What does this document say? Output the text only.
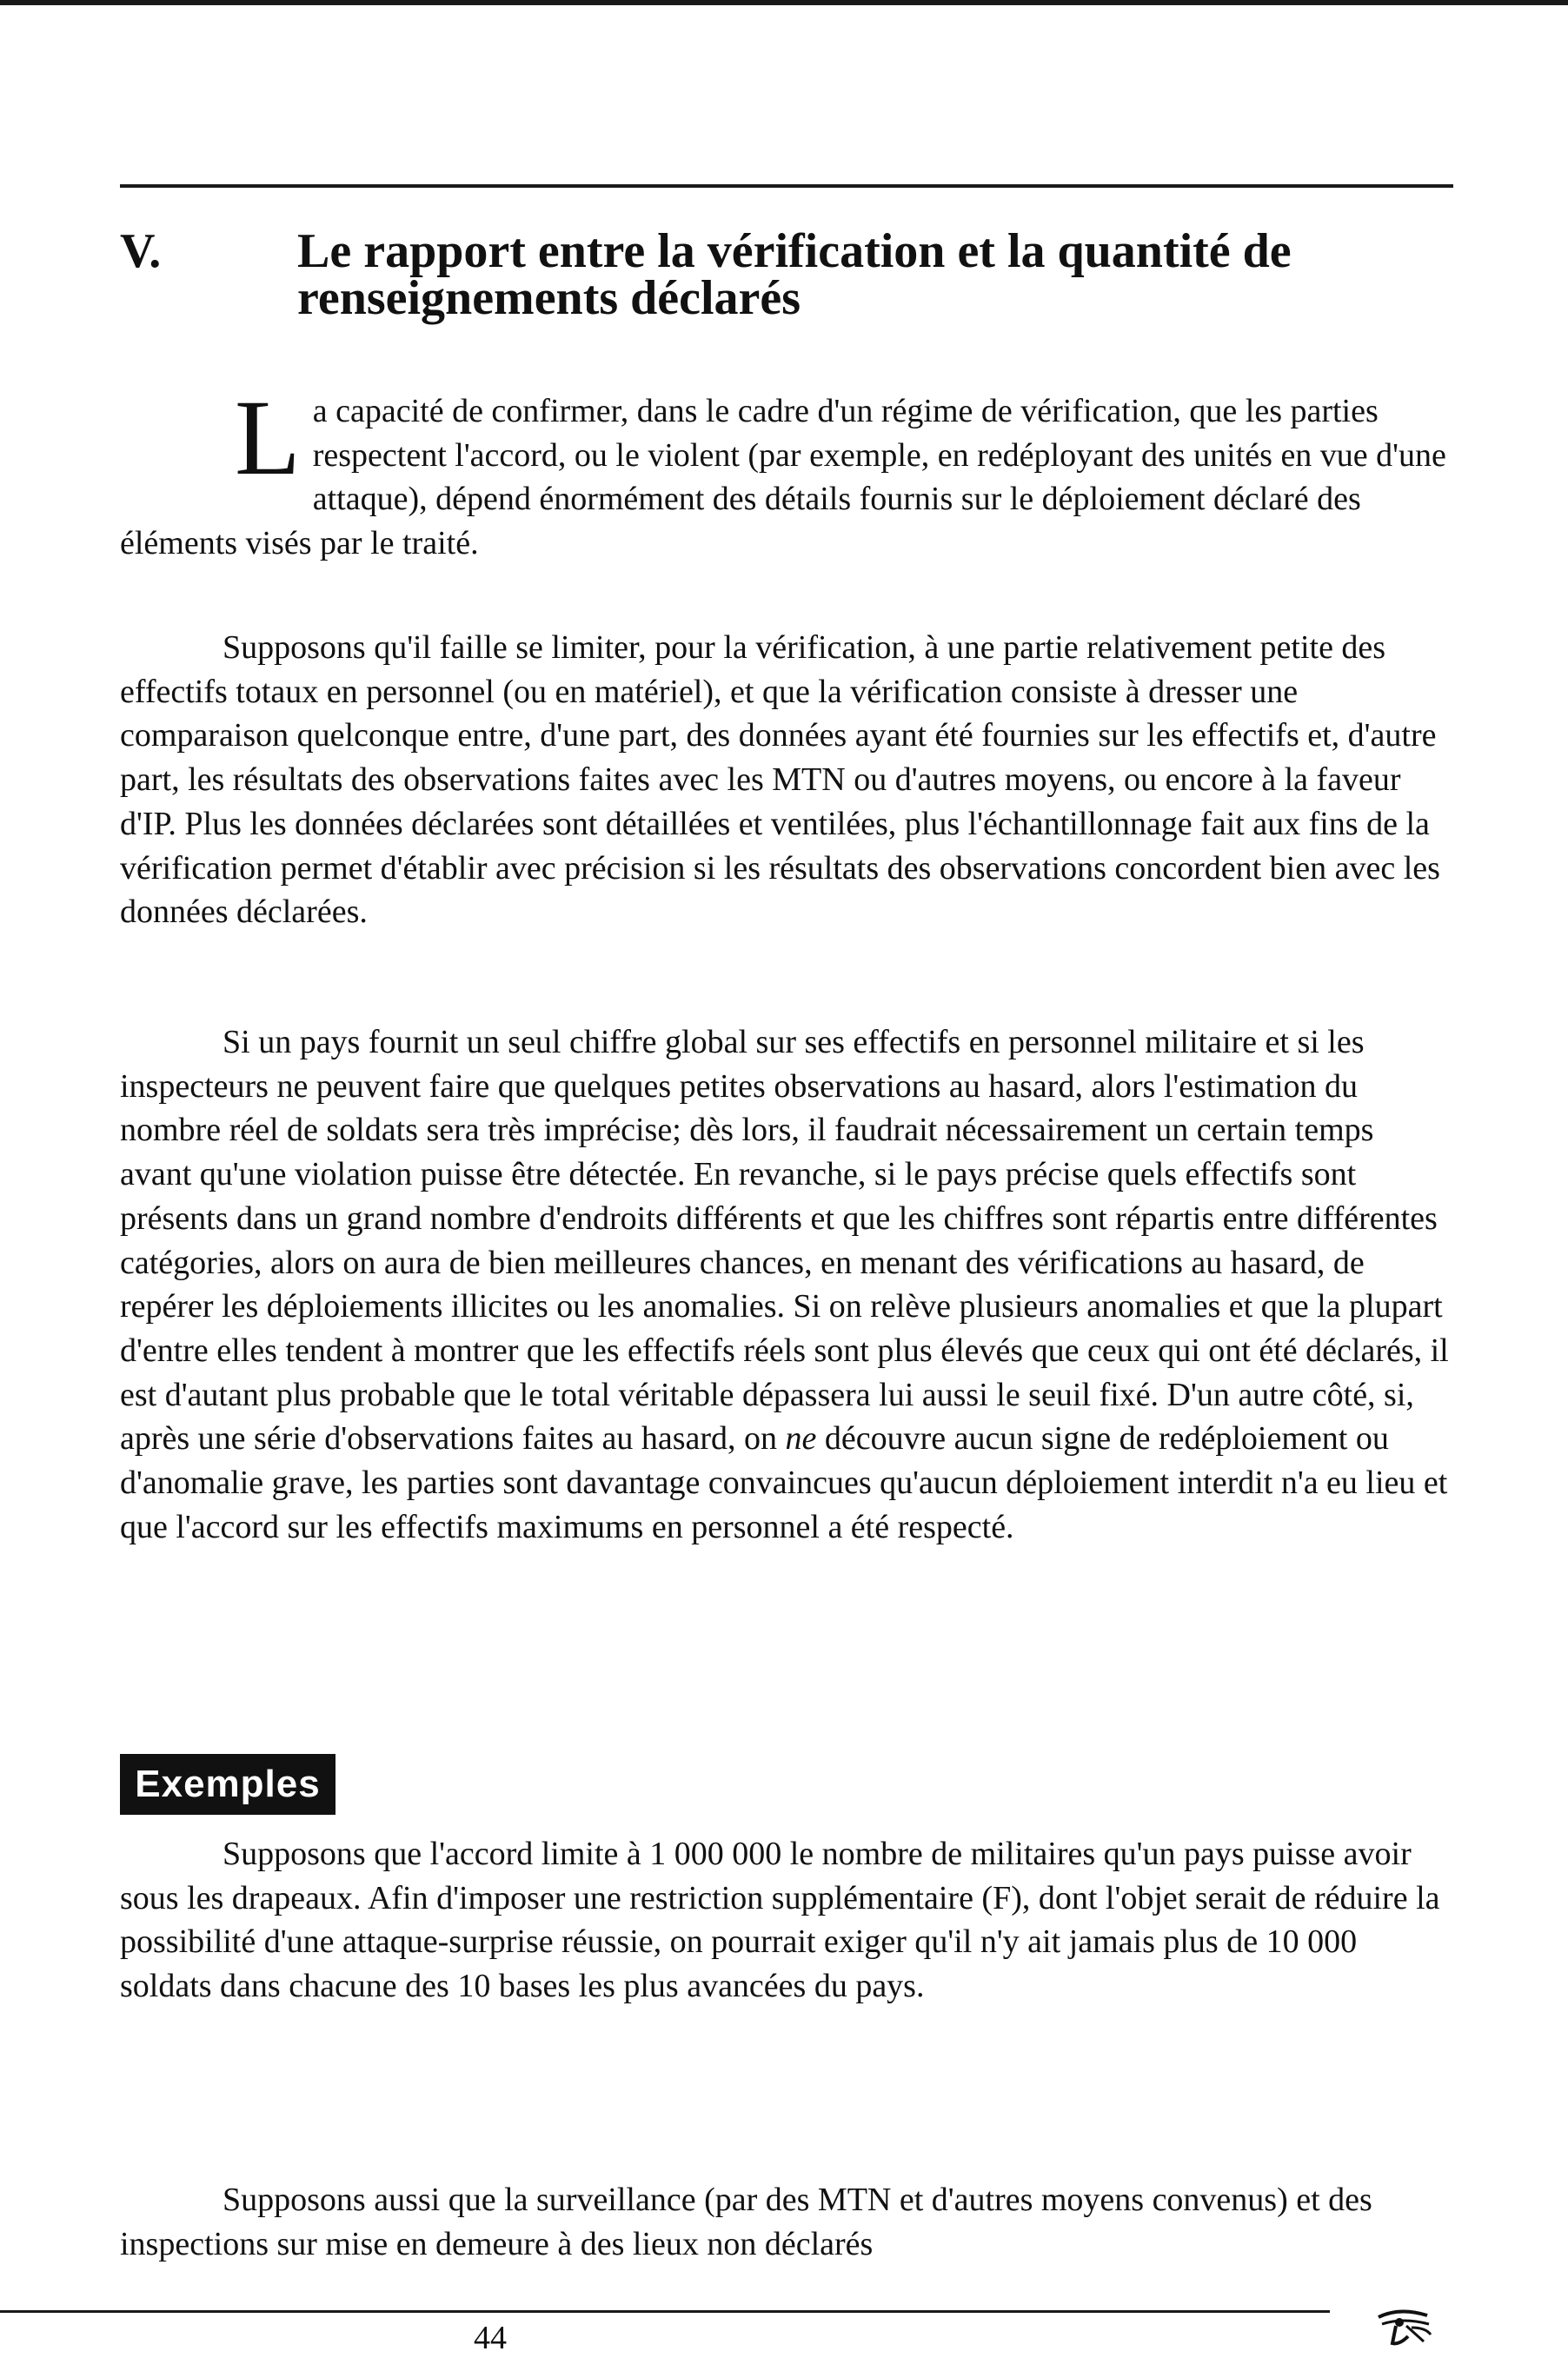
V.	Le rapport entre la vérification et la quantité de renseignements déclarés

La capacité de confirmer, dans le cadre d'un régime de vérification, que les parties respectent l'accord, ou le violent (par exemple, en redéployant des unités en vue d'une attaque), dépend énormément des détails fournis sur le déploiement déclaré des éléments visés par le traité.

Supposons qu'il faille se limiter, pour la vérification, à une partie relativement petite des effectifs totaux en personnel (ou en matériel), et que la vérification consiste à dresser une comparaison quelconque entre, d'une part, des données ayant été fournies sur les effectifs et, d'autre part, les résultats des observations faites avec les MTN ou d'autres moyens, ou encore à la faveur d'IP. Plus les données déclarées sont détaillées et ventilées, plus l'échantillonnage fait aux fins de la vérification permet d'établir avec précision si les résultats des observations concordent bien avec les données déclarées.

Si un pays fournit un seul chiffre global sur ses effectifs en personnel militaire et si les inspecteurs ne peuvent faire que quelques petites observations au hasard, alors l'estimation du nombre réel de soldats sera très imprécise; dès lors, il faudrait nécessairement un certain temps avant qu'une violation puisse être détectée. En revanche, si le pays précise quels effectifs sont présents dans un grand nombre d'endroits différents et que les chiffres sont répartis entre différentes catégories, alors on aura de bien meilleures chances, en menant des vérifications au hasard, de repérer les déploiements illicites ou les anomalies. Si on relève plusieurs anomalies et que la plupart d'entre elles tendent à montrer que les effectifs réels sont plus élevés que ceux qui ont été déclarés, il est d'autant plus probable que le total véritable dépassera lui aussi le seuil fixé. D'un autre côté, si, après une série d'observations faites au hasard, on ne découvre aucun signe de redéploiement ou d'anomalie grave, les parties sont davantage convaincues qu'aucun déploiement interdit n'a eu lieu et que l'accord sur les effectifs maximums en personnel a été respecté.

Exemples

Supposons que l'accord limite à 1 000 000 le nombre de militaires qu'un pays puisse avoir sous les drapeaux. Afin d'imposer une restriction supplémentaire (F), dont l'objet serait de réduire la possibilité d'une attaque-surprise réussie, on pourrait exiger qu'il n'y ait jamais plus de 10 000 soldats dans chacune des 10 bases les plus avancées du pays.

Supposons aussi que la surveillance (par des MTN et d'autres moyens convenus) et des inspections sur mise en demeure à des lieux non déclarés

44
